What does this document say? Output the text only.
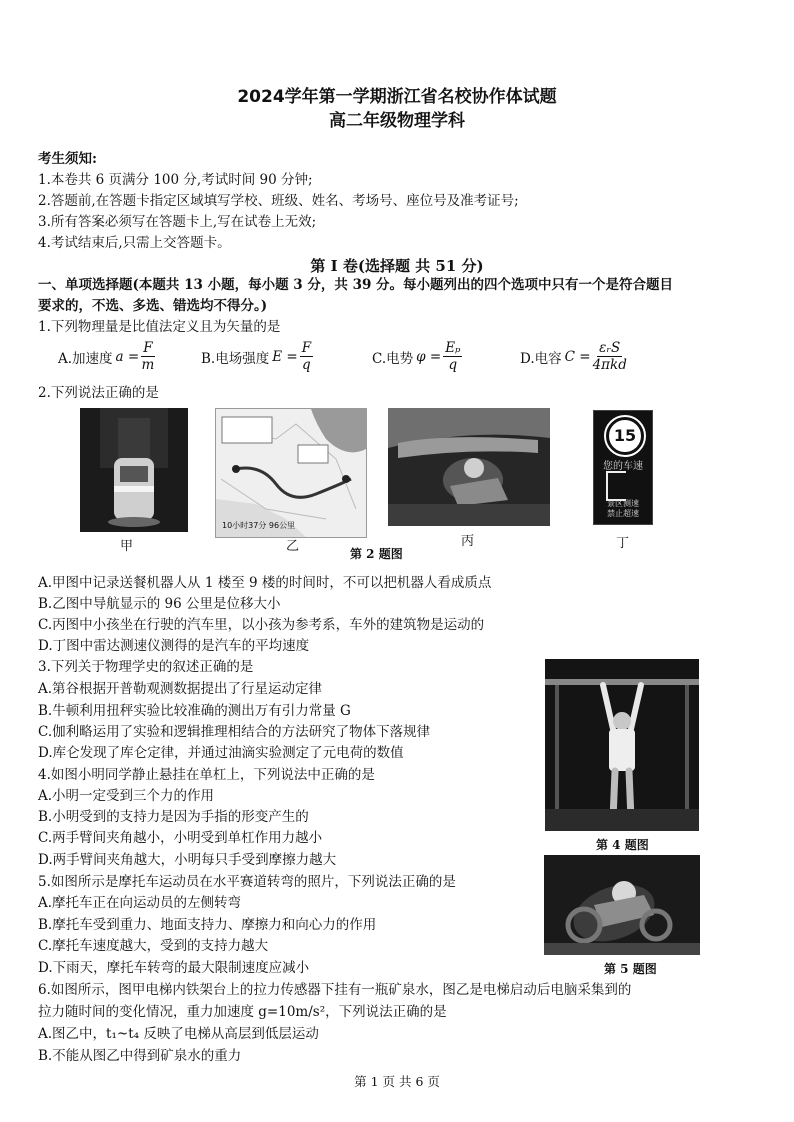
2024学年第一学期浙江省名校协作体试题
高二年级物理学科
考生须知:
1.本卷共 6 页满分 100 分,考试时间 90 分钟;
2.答题前,在答题卡指定区域填写学校、班级、姓名、考场号、座位号及准考证号;
3.所有答案必须写在答题卡上,写在试卷上无效;
4.考试结束后,只需上交答题卡。
第 I 卷(选择题 共 51 分)
一、单项选择题(本题共 13 小题，每小题 3 分，共 39 分。每小题列出的四个选项中只有一个是符合题目
要求的，不选、多选、错选均不得分。)
1.下列物理量是比值法定义且为矢量的是
A.加速度 $a = \frac{F}{m}$	B.电场强度 $E = \frac{F}{q}$	C.电势 $\varphi = \frac{\text{Eₚ}}{q}$	D.电容 $C = \frac{\text{εᵣS}}{\text{4πkd}}$
2.下列说法正确的是
甲
10小时37分 96公里
乙	丙
15
您的车速
景区测速
禁止超速
丁
第 2 题图
A.甲图中记录送餐机器人从 1 楼至 9 楼的时间时，不可以把机器人看成质点
B.乙图中导航显示的 96 公里是位移大小
C.丙图中小孩坐在行驶的汽车里，以小孩为参考系，车外的建筑物是运动的
D.丁图中雷达测速仪测得的是汽车的平均速度
3.下列关于物理学史的叙述正确的是
A.第谷根据开普勒观测数据提出了行星运动定律
B.牛顿利用扭秤实验比较准确的测出万有引力常量 G
C.伽利略运用了实验和逻辑推理相结合的方法研究了物体下落规律
D.库仑发现了库仑定律，并通过油滴实验测定了元电荷的数值
第 4 题图
4.如图小明同学静止悬挂在单杠上，下列说法中正确的是
A.小明一定受到三个力的作用
B.小明受到的支持力是因为手指的形变产生的
C.两手臂间夹角越小，小明受到单杠作用力越小
D.两手臂间夹角越大，小明每只手受到摩擦力越大
第 5 题图
5.如图所示是摩托车运动员在水平赛道转弯的照片，下列说法正确的是
A.摩托车正在向运动员的左侧转弯
B.摩托车受到重力、地面支持力、摩擦力和向心力的作用
C.摩托车速度越大，受到的支持力越大
D.下雨天，摩托车转弯的最大限制速度应减小
6.如图所示，图甲电梯内铁架台上的拉力传感器下挂有一瓶矿泉水，图乙是电梯启动后电脑采集到的
拉力随时间的变化情况，重力加速度 g=10m/s²，下列说法正确的是
A.图乙中，t₁~t₄ 反映了电梯从高层到低层运动
B.不能从图乙中得到矿泉水的重力
第 1 页 共 6 页
